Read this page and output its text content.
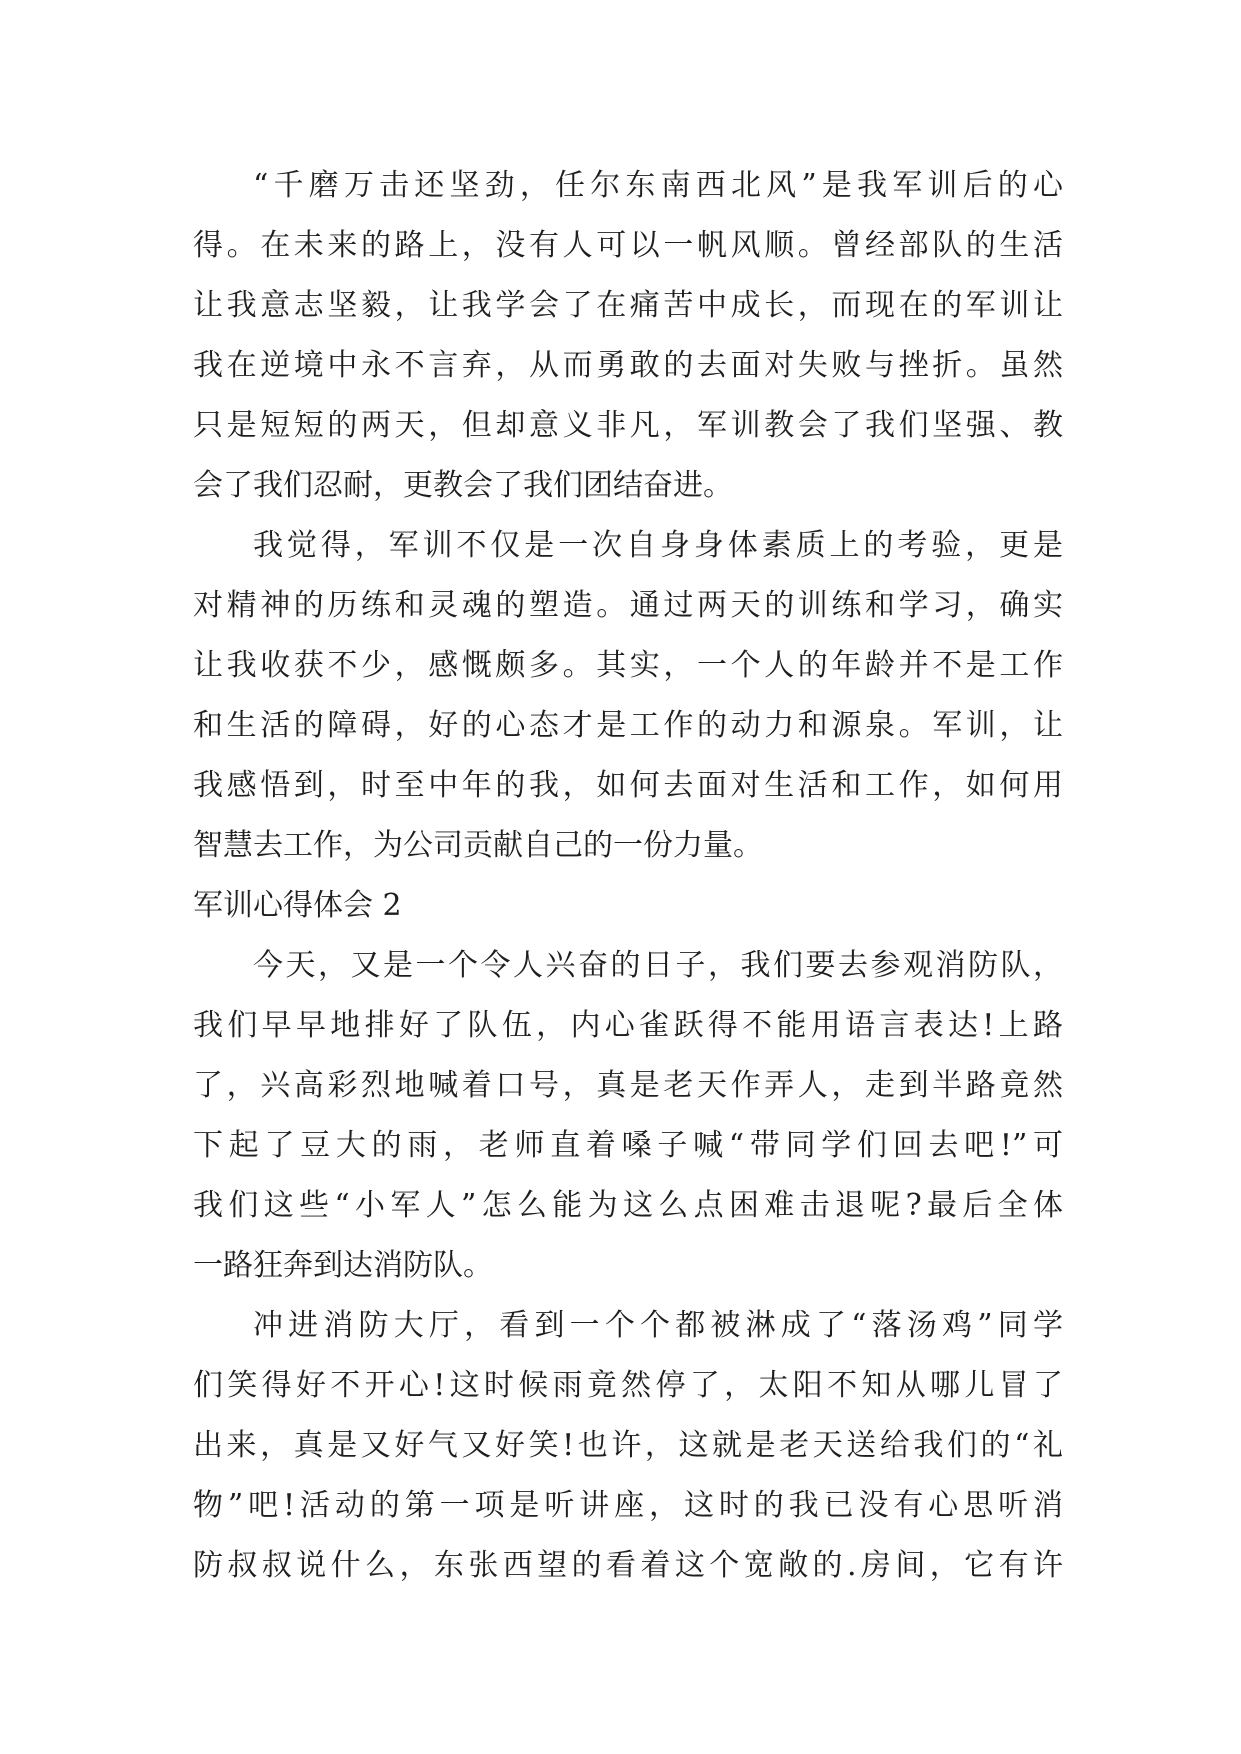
“千磨万击还坚劲，任尔东南西北风”是我军训后的心
得。在未来的路上，没有人可以一帆风顺。曾经部队的生活
让我意志坚毅，让我学会了在痛苦中成长，而现在的军训让
我在逆境中永不言弃，从而勇敢的去面对失败与挫折。虽然
只是短短的两天，但却意义非凡，军训教会了我们坚强、教
会了我们忍耐，更教会了我们团结奋进。
我觉得，军训不仅是一次自身身体素质上的考验，更是
对精神的历练和灵魂的塑造。通过两天的训练和学习，确实
让我收获不少，感慨颇多。其实，一个人的年龄并不是工作
和生活的障碍，好的心态才是工作的动力和源泉。军训，让
我感悟到，时至中年的我，如何去面对生活和工作，如何用
智慧去工作，为公司贡献自己的一份力量。
军训心得体会 2
今天，又是一个令人兴奋的日子，我们要去参观消防队，
我们早早地排好了队伍，内心雀跃得不能用语言表达!上路
了，兴高彩烈地喊着口号，真是老天作弄人，走到半路竟然
下起了豆大的雨，老师直着嗓子喊“带同学们回去吧!”可
我们这些“小军人”怎么能为这么点困难击退呢?最后全体
一路狂奔到达消防队。
冲进消防大厅，看到一个个都被淋成了“落汤鸡”同学
们笑得好不开心!这时候雨竟然停了，太阳不知从哪儿冒了
出来，真是又好气又好笑!也许，这就是老天送给我们的“礼
物”吧!活动的第一项是听讲座，这时的我已没有心思听消
防叔叔说什么，东张西望的看着这个宽敞的.房间，它有许
